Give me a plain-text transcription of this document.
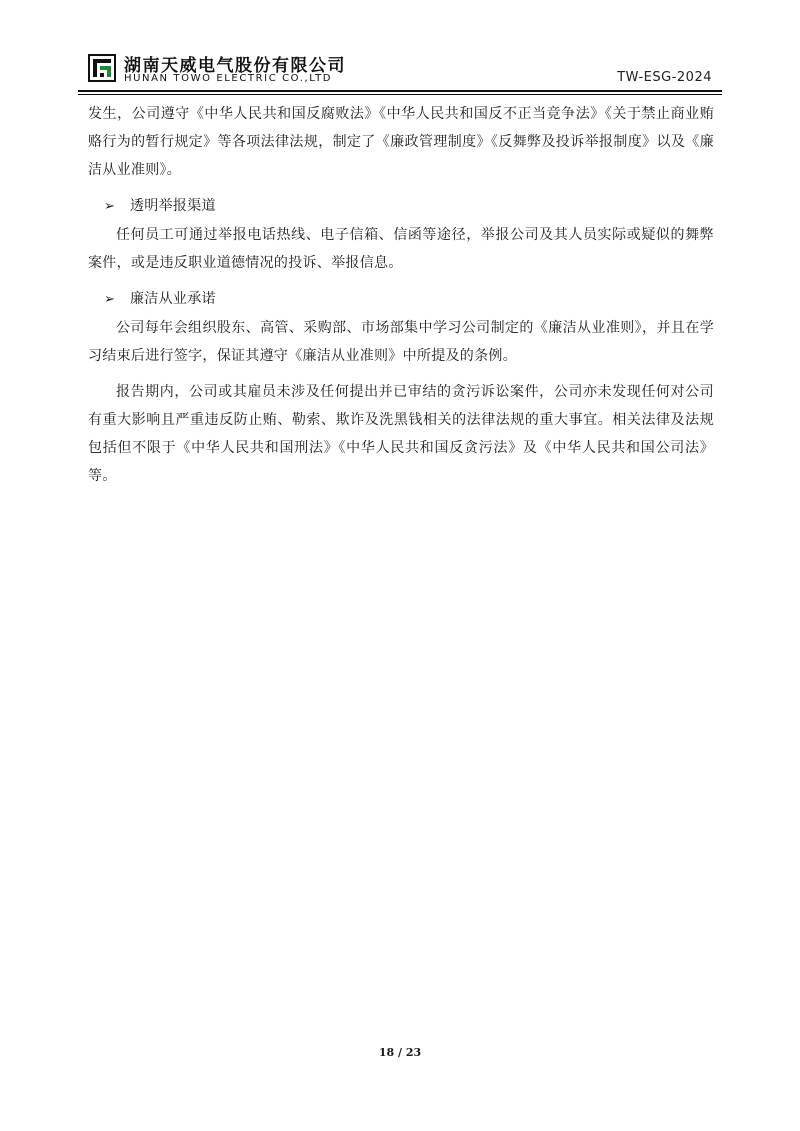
湖南天威电气股份有限公司
HUNAN TOWO ELECTRIC CO.,LTD	TW-ESG-2024

发生，公司遵守《中华人民共和国反腐败法》《中华人民共和国反不正当竞争法》《关于禁止商业贿赂行为的暂行规定》等各项法律法规，制定了《廉政管理制度》《反舞弊及投诉举报制度》以及《廉洁从业准则》。

➢ 透明举报渠道

任何员工可通过举报电话热线、电子信箱、信函等途径，举报公司及其人员实际或疑似的舞弊案件，或是违反职业道德情况的投诉、举报信息。

➢ 廉洁从业承诺

公司每年会组织股东、高管、采购部、市场部集中学习公司制定的《廉洁从业准则》，并且在学习结束后进行签字，保证其遵守《廉洁从业准则》中所提及的条例。

报告期内，公司或其雇员未涉及任何提出并已审结的贪污诉讼案件，公司亦未发现任何对公司有重大影响且严重违反防止贿、勒索、欺诈及洗黑钱相关的法律法规的重大事宜。相关法律及法规包括但不限于《中华人民共和国刑法》《中华人民共和国反贪污法》及《中华人民共和国公司法》等。

18 / 23
